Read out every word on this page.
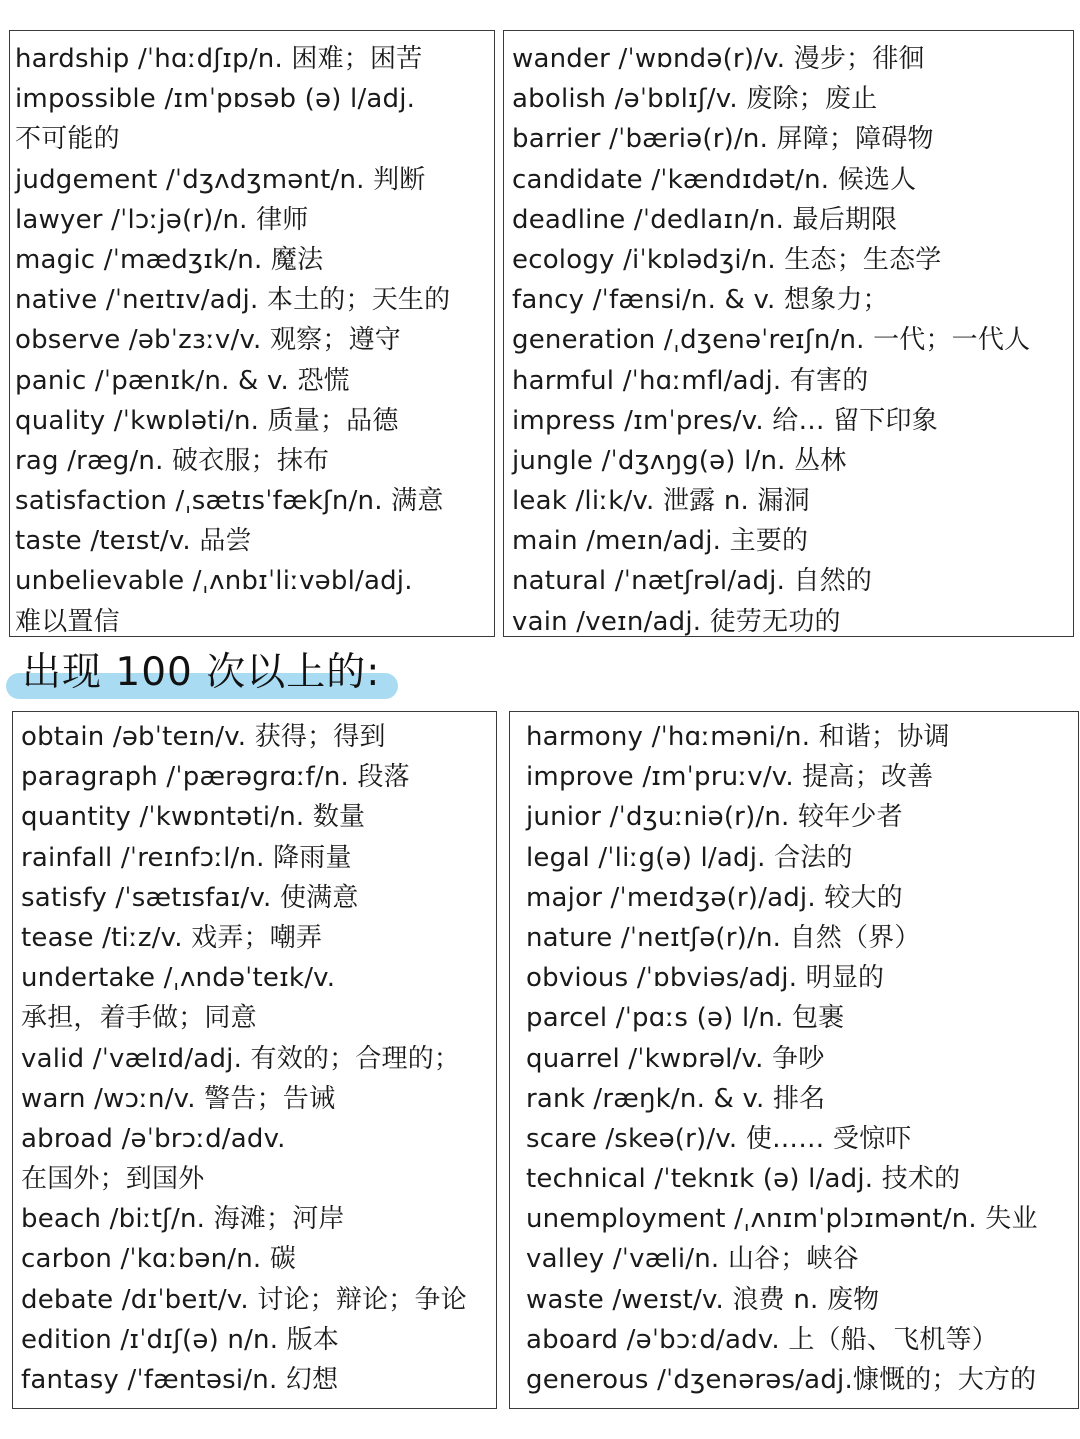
hardship /ˈhɑːdʃɪp/n. 困难；困苦
impossible /ɪmˈpɒsəb (ə) l/adj.
不可能的
judgement /ˈdʒʌdʒmənt/n. 判断
lawyer /ˈlɔːjə(r)/n. 律师
magic /ˈmædʒɪk/n. 魔法
native /ˈneɪtɪv/adj. 本土的；天生的
observe /əbˈzɜːv/v. 观察；遵守
panic /ˈpænɪk/n. & v. 恐慌
quality /ˈkwɒləti/n. 质量；品德
rag /ræg/n. 破衣服；抹布
satisfaction /ˌsætɪsˈfækʃn/n. 满意
taste /teɪst/v. 品尝
unbelievable /ˌʌnbɪˈliːvəbl/adj.
难以置信
wander /ˈwɒndə(r)/v. 漫步；徘徊
abolish /əˈbɒlɪʃ/v. 废除；废止
barrier /ˈbæriə(r)/n. 屏障；障碍物
candidate /ˈkændɪdət/n. 候选人
deadline /ˈdedlaɪn/n. 最后期限
ecology /iˈkɒlədʒi/n. 生态；生态学
fancy /ˈfænsi/n. & v. 想象力；
generation /ˌdʒenəˈreɪʃn/n. 一代；一代人
harmful /ˈhɑːmfl/adj. 有害的
impress /ɪmˈpres/v. 给… 留下印象
jungle /ˈdʒʌŋg(ə) l/n. 丛林
leak /liːk/v. 泄露 n. 漏洞
main /meɪn/adj. 主要的
natural /ˈnætʃrəl/adj. 自然的
vain /veɪn/adj. 徒劳无功的
出现 100 次以上的:
obtain /əbˈteɪn/v. 获得；得到
paragraph /ˈpærəgrɑːf/n. 段落
quantity /ˈkwɒntəti/n. 数量
rainfall /ˈreɪnfɔːl/n. 降雨量
satisfy /ˈsætɪsfaɪ/v. 使满意
tease /tiːz/v. 戏弄；嘲弄
undertake /ˌʌndəˈteɪk/v.
承担，着手做；同意
valid /ˈvælɪd/adj. 有效的；合理的；
warn /wɔːn/v. 警告；告诫
abroad /əˈbrɔːd/adv.
在国外；到国外
beach /biːtʃ/n. 海滩；河岸
carbon /ˈkɑːbən/n. 碳
debate /dɪˈbeɪt/v. 讨论；辩论；争论
edition /ɪˈdɪʃ(ə) n/n. 版本
fantasy /ˈfæntəsi/n. 幻想
harmony /ˈhɑːməni/n. 和谐；协调
improve /ɪmˈpruːv/v. 提高；改善
junior /ˈdʒuːniə(r)/n. 较年少者
legal /ˈliːg(ə) l/adj. 合法的
major /ˈmeɪdʒə(r)/adj. 较大的
nature /ˈneɪtʃə(r)/n. 自然（界）
obvious /ˈɒbviəs/adj. 明显的
parcel /ˈpɑːs (ə) l/n. 包裹
quarrel /ˈkwɒrəl/v. 争吵
rank /ræŋk/n. & v. 排名
scare /skeə(r)/v. 使…… 受惊吓
technical /ˈteknɪk (ə) l/adj. 技术的
unemployment /ˌʌnɪmˈplɔɪmənt/n. 失业
valley /ˈvæli/n. 山谷；峡谷
waste /weɪst/v. 浪费 n. 废物
aboard /əˈbɔːd/adv. 上（船、飞机等）
generous /ˈdʒenərəs/adj.慷慨的；大方的
